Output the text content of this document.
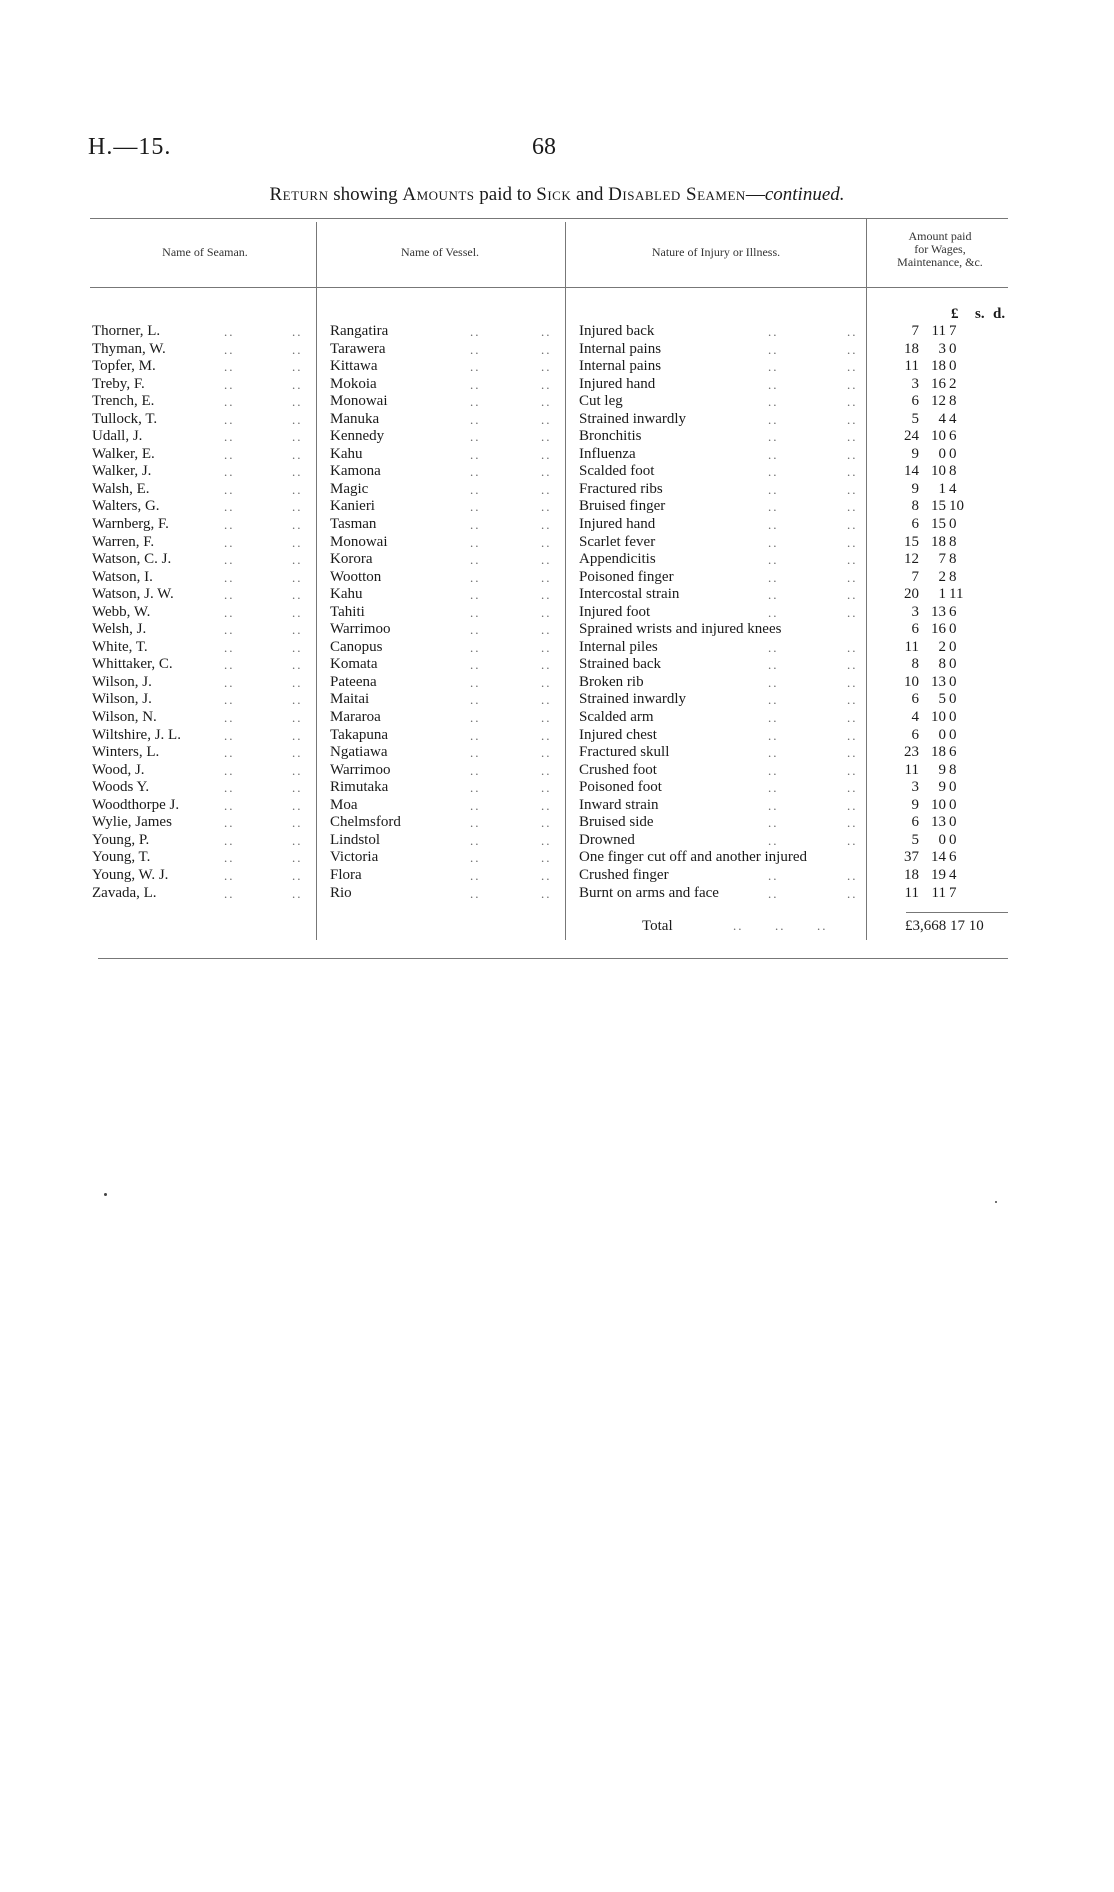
H.—15.	68
Return showing Amounts paid to Sick and Disabled Seamen—continued.
Name of Seaman.	Name of Vessel.	Nature of Injury or Illness.
Amount paid
for Wages,
Maintenance, &c.
£ s. d.
Thorner, L.	Rangatira	Injured back	7 11 7
..	..	..	..	..	..
Thyman, W.	Tarawera	Internal pains	18	3 0
..	..	..	..	..	..
Topfer, M.	Kittawa	Internal pains	11 18 0
..	..	..	..	..	..
Treby, F.	Mokoia	Injured hand	3 16 2
..	..	..	..	..	..
Trench, E.	Monowai	Cut leg	6 12 8
..	..	..	..	..	..
Tullock, T.	Manuka	Strained inwardly	5	4 4
..	..	..	..	..	..
Udall, J.	Kennedy	Bronchitis	24 10 6
..	..	..	..	..	..
Walker, E.	Kahu	Influenza	9	0 0
..	..	..	..	..	..
Walker, J.	Kamona	Scalded foot	14 10 8
..	..	..	..	..	..
Walsh, E.	Magic	Fractured ribs	9	1 4
..	..	..	..	..	..
Walters, G.	Kanieri	Bruised finger	8 15 10
..	..	..	..	..	..
Warnberg, F.	Tasman	Injured hand	6 15 0
..	..	..	..	..	..
Warren, F.	Monowai	Scarlet fever	15 18 8
..	..	..	..	..	..
Watson, C. J.	Korora	Appendicitis	12	7 8
..	..	..	..	..	..
Watson, I.	Wootton	Poisoned finger	7	2 8
..	..	..	..	..	..
Watson, J. W.	Kahu	Intercostal strain	20	1 11
..	..	..	..	..	..
Webb, W.	Tahiti	Injured foot	3 13 6
..	..	..	..	..	..
Welsh, J.	Warrimoo	Sprained wrists and injured knees	6 16 0
..	..	..	..
White, T.	Canopus	Internal piles	11	2 0
..	..	..	..	..	..
Whittaker, C.	Komata	Strained back	8	8 0
..	..	..	..	..	..
Wilson, J.	Pateena	Broken rib	10 13 0
..	..	..	..	..	..
Wilson, J.	Maitai	Strained inwardly	6	5 0
..	..	..	..	..	..
Wilson, N.	Mararoa	Scalded arm	4 10 0
..	..	..	..	..	..
Wiltshire, J. L.	Takapuna	Injured chest	6	0 0
..	..	..	..	..	..
Winters, L.	Ngatiawa	Fractured skull	23 18 6
..	..	..	..	..	..
Wood, J.	Warrimoo	Crushed foot	11	9 8
..	..	..	..	..	..
Woods Y.	Rimutaka	Poisoned foot	3	9 0
..	..	..	..	..	..
Woodthorpe J.	Moa	Inward strain	9 10 0
..	..	..	..	..	..
Wylie, James	Chelmsford	Bruised side	6 13 0
..	..	..	..	..	..
Young, P.	Lindstol	Drowned	5	0 0
..	..	..	..	..	..
Young, T.	Victoria	One finger cut off and another injured	37 14 6
..	..	..	..
Young, W. J.	Flora	Crushed finger	18 19 4
..	..	..	..	..	..
Zavada, L.	Rio	Burnt on arms and face	11 11 7
..	..	..	..	..	..
Total	..      ..      ..	£3,668 17 10
